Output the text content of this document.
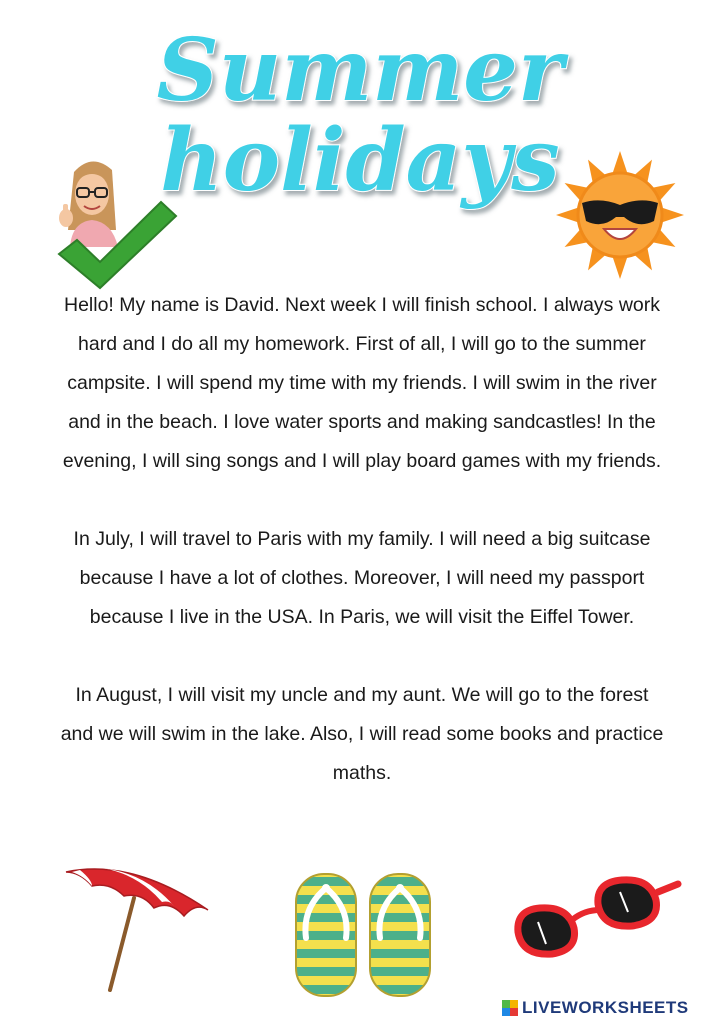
Summer
holidays

Hello! My name is David. Next week I will finish school. I always work hard and I do all my homework. First of all, I will go to the summer campsite. I will spend my time with my friends. I will swim in the river and in the beach. I love water sports and making sandcastles! In the evening, I will sing songs and I will play board games with my friends.

In July, I will travel to Paris with my family. I will need a big suitcase because I have a lot of clothes. Moreover, I will need my passport because I live in the USA. In Paris, we will visit the Eiffel Tower.

In August, I will visit my uncle and my aunt. We will go to the forest and we will swim in the lake. Also, I will read some books and practice maths.

LIVEWORKSHEETS
